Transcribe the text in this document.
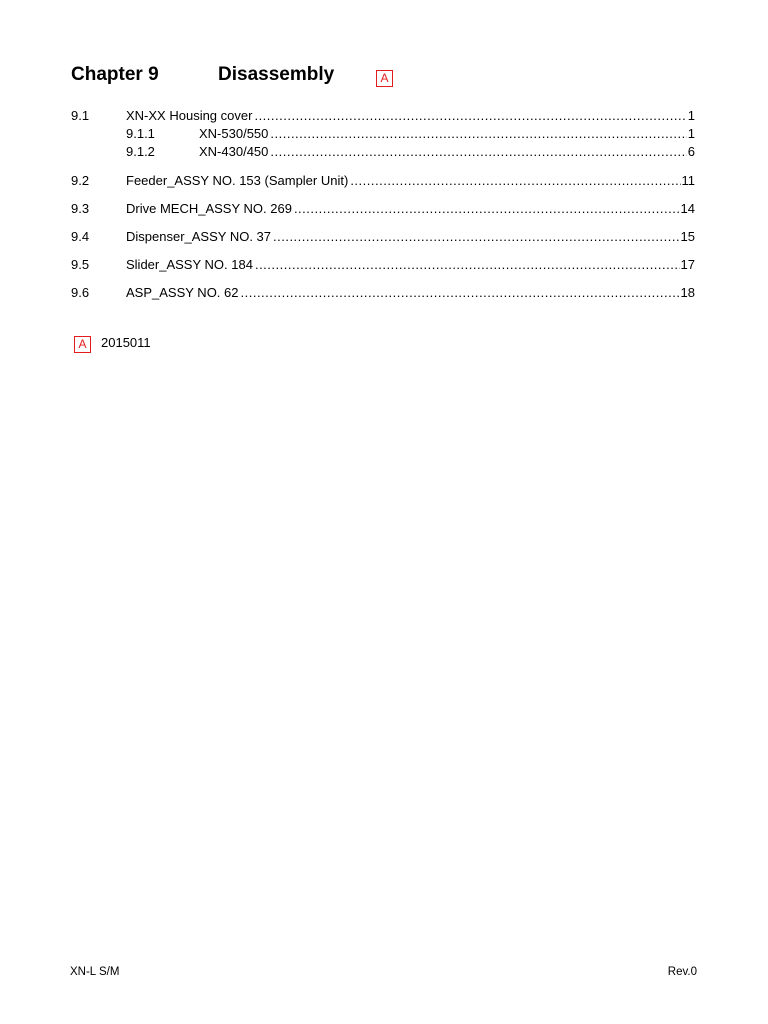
Chapter 9	Disassembly	A
9.1	XN-XX Housing cover .....	1
9.1.1	XN-530/550 .....	1
9.1.2	XN-430/450 .....	6
9.2	Feeder_ASSY NO. 153 (Sampler Unit) .....	11
9.3	Drive MECH_ASSY NO. 269 .....	14
9.4	Dispenser_ASSY NO. 37 .....	15
9.5	Slider_ASSY NO. 184 .....	17
9.6	ASP_ASSY NO. 62 .....	18
A	2015011
XN-L S/M	Rev.0
